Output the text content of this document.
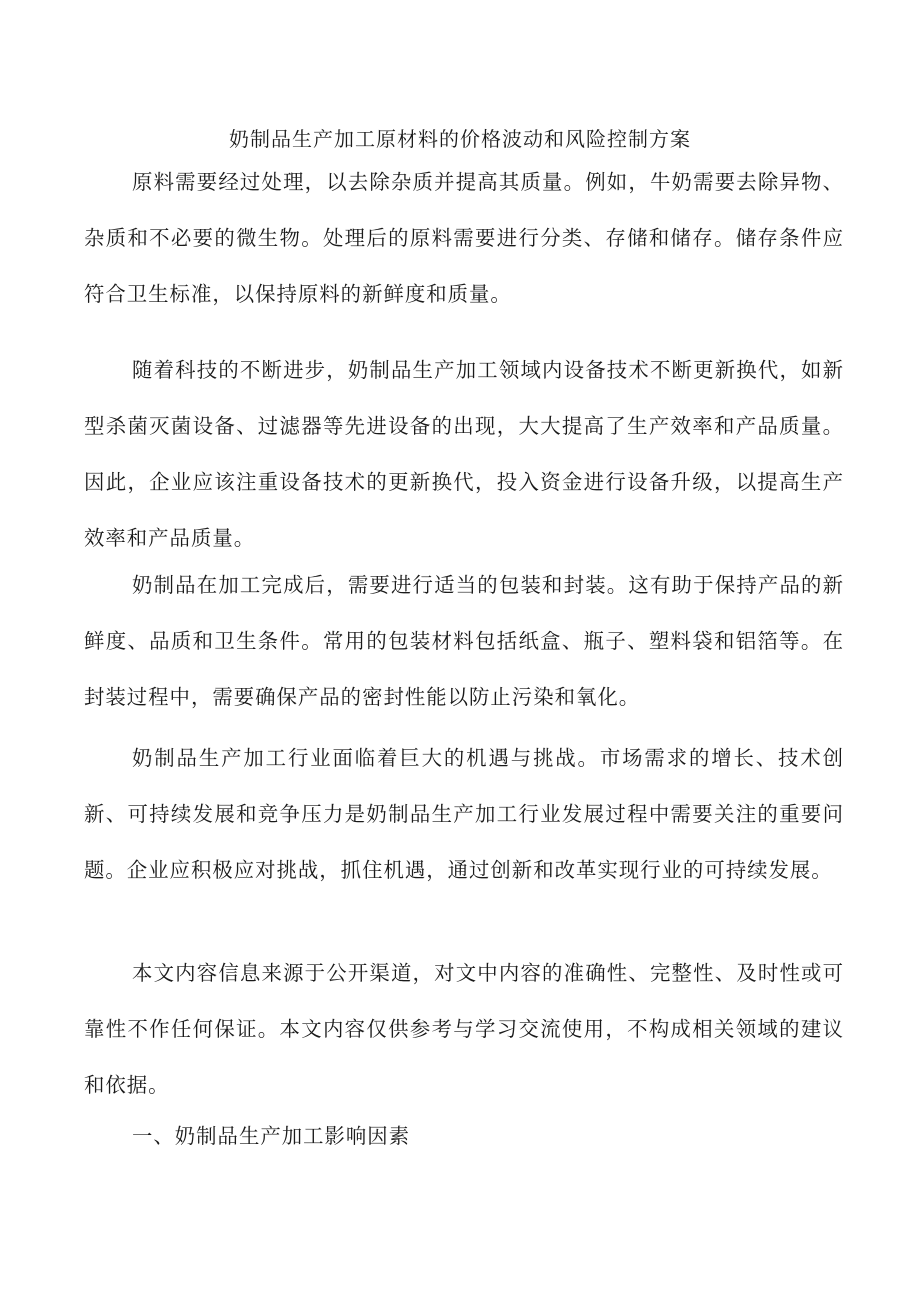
奶制品生产加工原材料的价格波动和风险控制方案

原料需要经过处理，以去除杂质并提高其质量。例如，牛奶需要去除异物、杂质和不必要的微生物。处理后的原料需要进行分类、存储和储存。储存条件应符合卫生标准，以保持原料的新鲜度和质量。

随着科技的不断进步，奶制品生产加工领域内设备技术不断更新换代，如新型杀菌灭菌设备、过滤器等先进设备的出现，大大提高了生产效率和产品质量。因此，企业应该注重设备技术的更新换代，投入资金进行设备升级，以提高生产效率和产品质量。

奶制品在加工完成后，需要进行适当的包装和封装。这有助于保持产品的新鲜度、品质和卫生条件。常用的包装材料包括纸盒、瓶子、塑料袋和铝箔等。在封装过程中，需要确保产品的密封性能以防止污染和氧化。

奶制品生产加工行业面临着巨大的机遇与挑战。市场需求的增长、技术创新、可持续发展和竞争压力是奶制品生产加工行业发展过程中需要关注的重要问题。企业应积极应对挑战，抓住机遇，通过创新和改革实现行业的可持续发展。

本文内容信息来源于公开渠道，对文中内容的准确性、完整性、及时性或可靠性不作任何保证。本文内容仅供参考与学习交流使用，不构成相关领域的建议和依据。

一、奶制品生产加工影响因素
